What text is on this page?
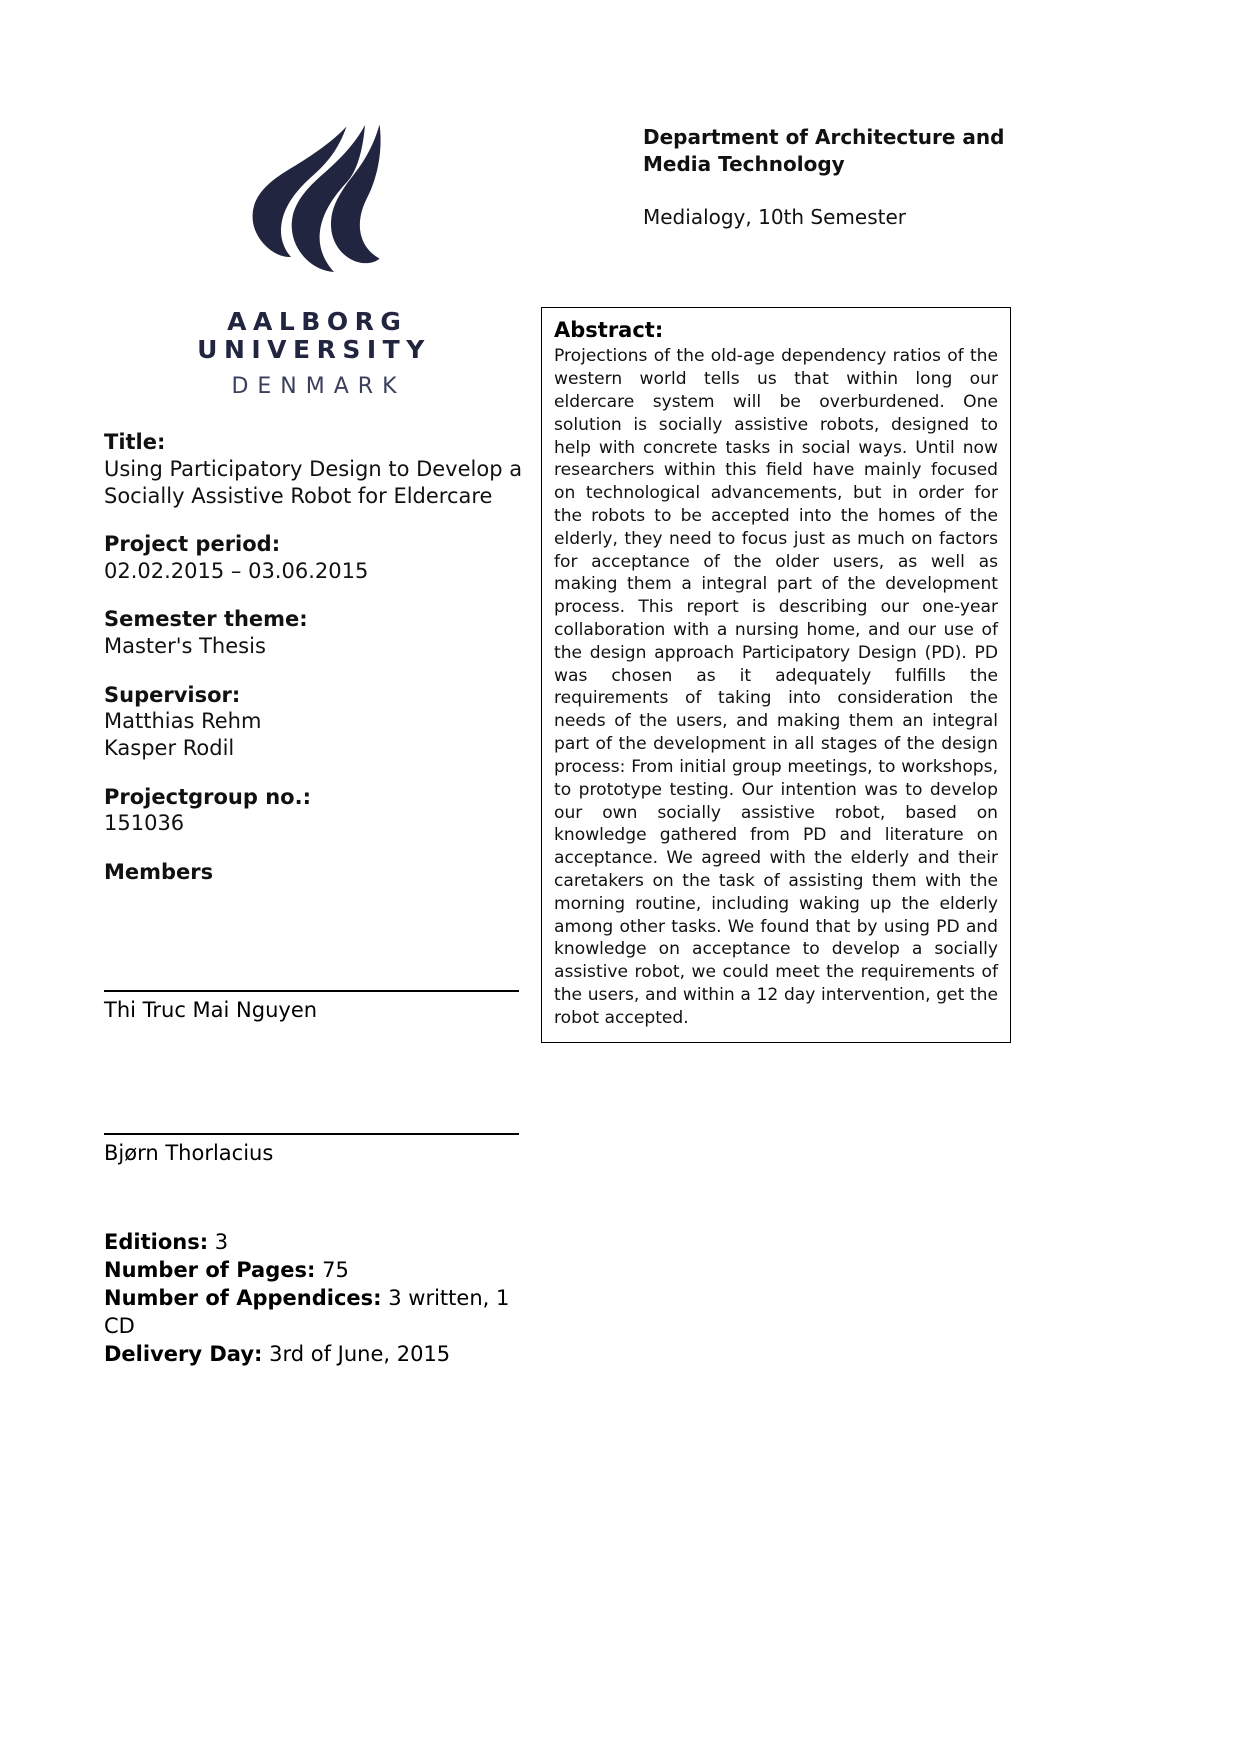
AALBORG UNIVERSITY
DENMARK
Title:
Using Participatory Design to Develop a Socially Assistive Robot for Eldercare
Project period:
02.02.2015 – 03.06.2015
Semester theme:
Master's Thesis
Supervisor:
Matthias Rehm
Kasper Rodil
Projectgroup no.:
151036
Members
Thi Truc Mai Nguyen
Bjørn Thorlacius
Editions: 3
Number of Pages: 75
Number of Appendices: 3 written, 1 CD
Delivery Day: 3rd of June, 2015
Department of Architecture and Media Technology
Medialogy, 10th Semester
Abstract:
Projections of the old-age dependency ratios of the western world tells us that within long our eldercare system will be overburdened. One solution is socially assistive robots, designed to help with concrete tasks in social ways. Until now researchers within this field have mainly focused on technological advancements, but in order for the robots to be accepted into the homes of the elderly, they need to focus just as much on factors for acceptance of the older users, as well as making them a integral part of the development process. This report is describing our one-year collaboration with a nursing home, and our use of the design approach Participatory Design (PD). PD was chosen as it adequately fulfills the requirements of taking into consideration the needs of the users, and making them an integral part of the development in all stages of the design process: From initial group meetings, to workshops, to prototype testing. Our intention was to develop our own socially assistive robot, based on knowledge gathered from PD and literature on acceptance. We agreed with the elderly and their caretakers on the task of assisting them with the morning routine, including waking up the elderly among other tasks. We found that by using PD and knowledge on acceptance to develop a socially assistive robot, we could meet the requirements of the users, and within a 12 day intervention, get the robot accepted.
